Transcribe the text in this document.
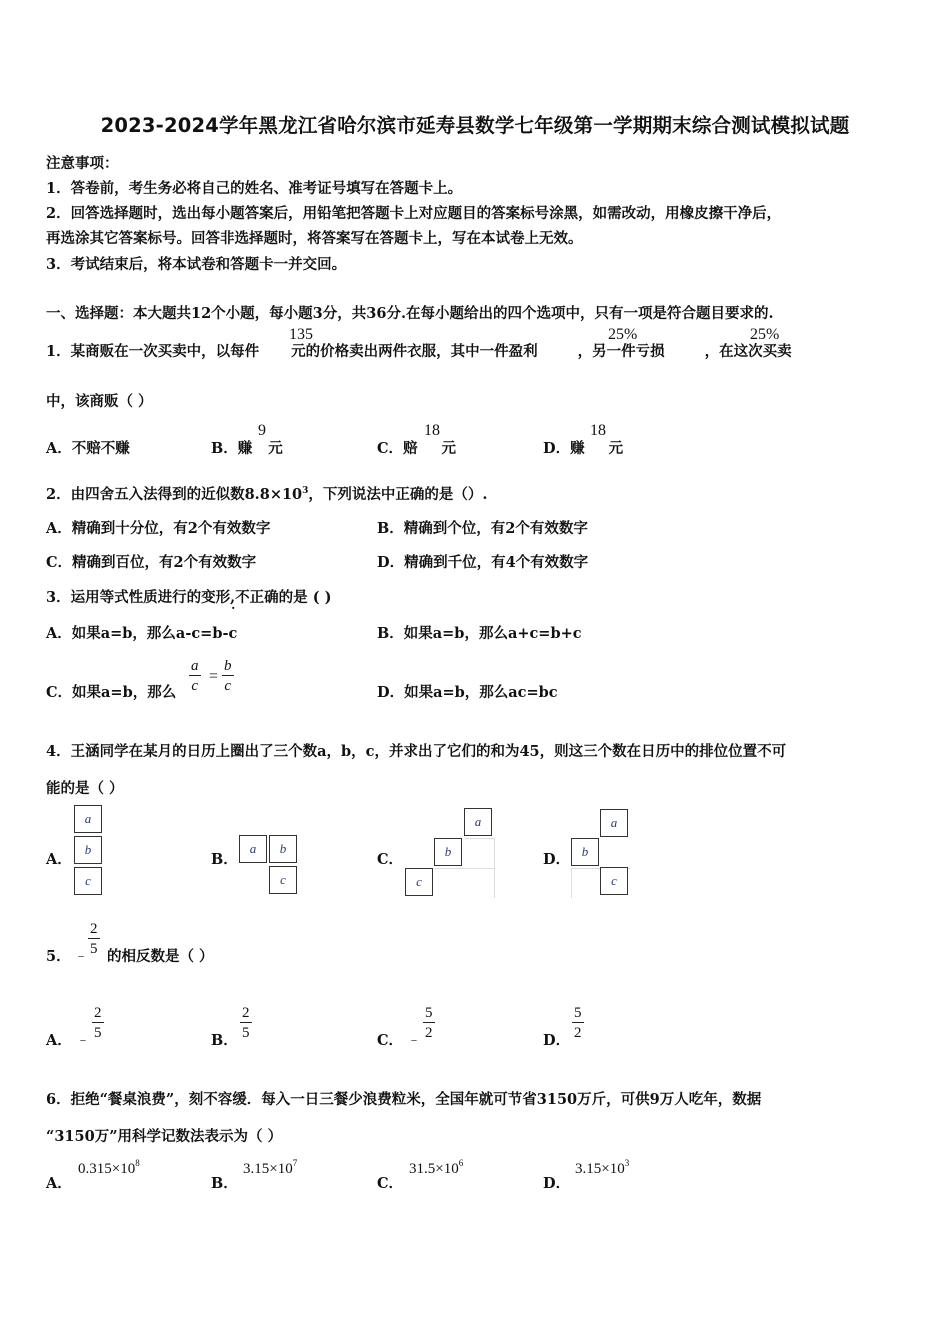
2023-2024学年黑龙江省哈尔滨市延寿县数学七年级第一学期期末综合测试模拟试题
注意事项：
1．答卷前，考生务必将自己的姓名、准考证号填写在答题卡上。
2．回答选择题时，选出每小题答案后，用铅笔把答题卡上对应题目的答案标号涂黑，如需改动，用橡皮擦干净后，
再选涂其它答案标号。回答非选择题时，将答案写在答题卡上，写在本试卷上无效。
3．考试结束后，将本试卷和答题卡一并交回。
一、选择题：本大题共12个小题，每小题3分，共36分.在每小题给出的四个选项中，只有一项是符合题目要求的.
1．某商贩在一次买卖中，以每件 元的价格卖出两件衣服，其中一件盈利	，另一件亏损	，在这次买卖
135	25%	25%
中，该商贩（ ）
A．不赔不赚	B．赚 元
9
C．赔 元
18
D．赚 元
18
2．由四舍五入法得到的近似数$8.8\times 10^3$，下列说法中正确的是（）.
A．精确到十分位，有2个有效数字	B．精确到个位，有2个有效数字
C．精确到百位，有2个有效数字	D．精确到千位，有4个有效数字
3．运用等式性质进行的变形,不 .正确的是 ( )
A．如果a=b，那么a-c=b-c	B．如果a=b，那么a+c=b+c
C．如果a=b，那么 $\frac{a}{c} = \frac{b}{c}$	D．如果a=b，那么ac=bc
4．王涵同学在某月的日历上圈出了三个数a，b，c，并求出了它们的和为45，则这三个数在日历中的排位位置不可
能的是（ ）
A．
a
b
c
B．
a	b
c
C．
a
b
c
D．
a
b
c
5． ﹣ $\frac{2}{5}$ 的相反数是（ ）
A． ﹣ $\frac{2}{5}$	B． $\frac{2}{5}$	C． ﹣ $\frac{5}{2}$	D． $\frac{5}{2}$
6．拒绝“餐桌浪费”，刻不容缓．每入一日三餐少浪费粒米，全国年就可节省3150万斤，可供9万人吃年，数据
“3150万”用科学记数法表示为（ ）
A．
$0.315\times 10^8$
B．
$3.15\times 10^7$
C．
$31.5\times 10^6$
D．
$3.15\times 10^3$
